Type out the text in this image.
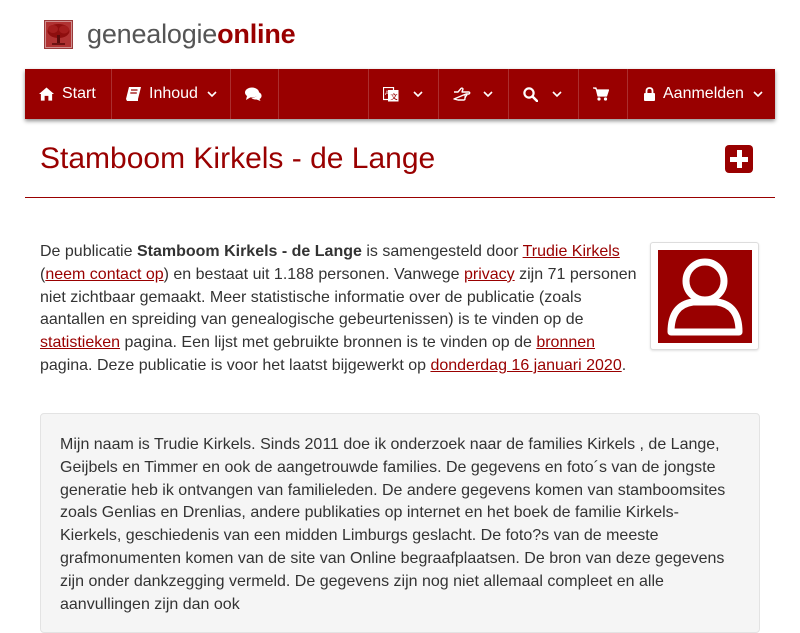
genealogieonline
Start	Inhoud	A 文	Aanmelden
Stamboom Kirkels - de Lange
De publicatie Stamboom Kirkels - de Lange is samengesteld door Trudie Kirkels
(neem contact op) en bestaat uit 1.188 personen. Vanwege privacy zijn 71 personen niet zichtbaar gemaakt. Meer statistische informatie over de publicatie (zoals aantallen en spreiding van genealogische gebeurtenissen) is te vinden op de statistieken pagina. Een lijst met gebruikte bronnen is te vinden op de bronnen
pagina. Deze publicatie is voor het laatst bijgewerkt op donderdag 16 januari 2020.

Mijn naam is Trudie Kirkels. Sinds 2011 doe ik onderzoek naar de families Kirkels , de Lange, Geijbels en Timmer en ook de aangetrouwde families. De gegevens en foto´s van de jongste generatie heb ik ontvangen van familieleden. De andere gegevens komen van stamboomsites zoals Genlias en Drenlias, andere publikaties op internet en het boek de familie Kirkels-Kierkels, geschiedenis van een midden Limburgs geslacht. De foto?s van de meeste grafmonumenten komen van de site van Online begraafplaatsen. De bron van deze gegevens zijn onder dankzegging vermeld. De gegevens zijn nog niet allemaal compleet en alle aanvullingen zijn dan ook
